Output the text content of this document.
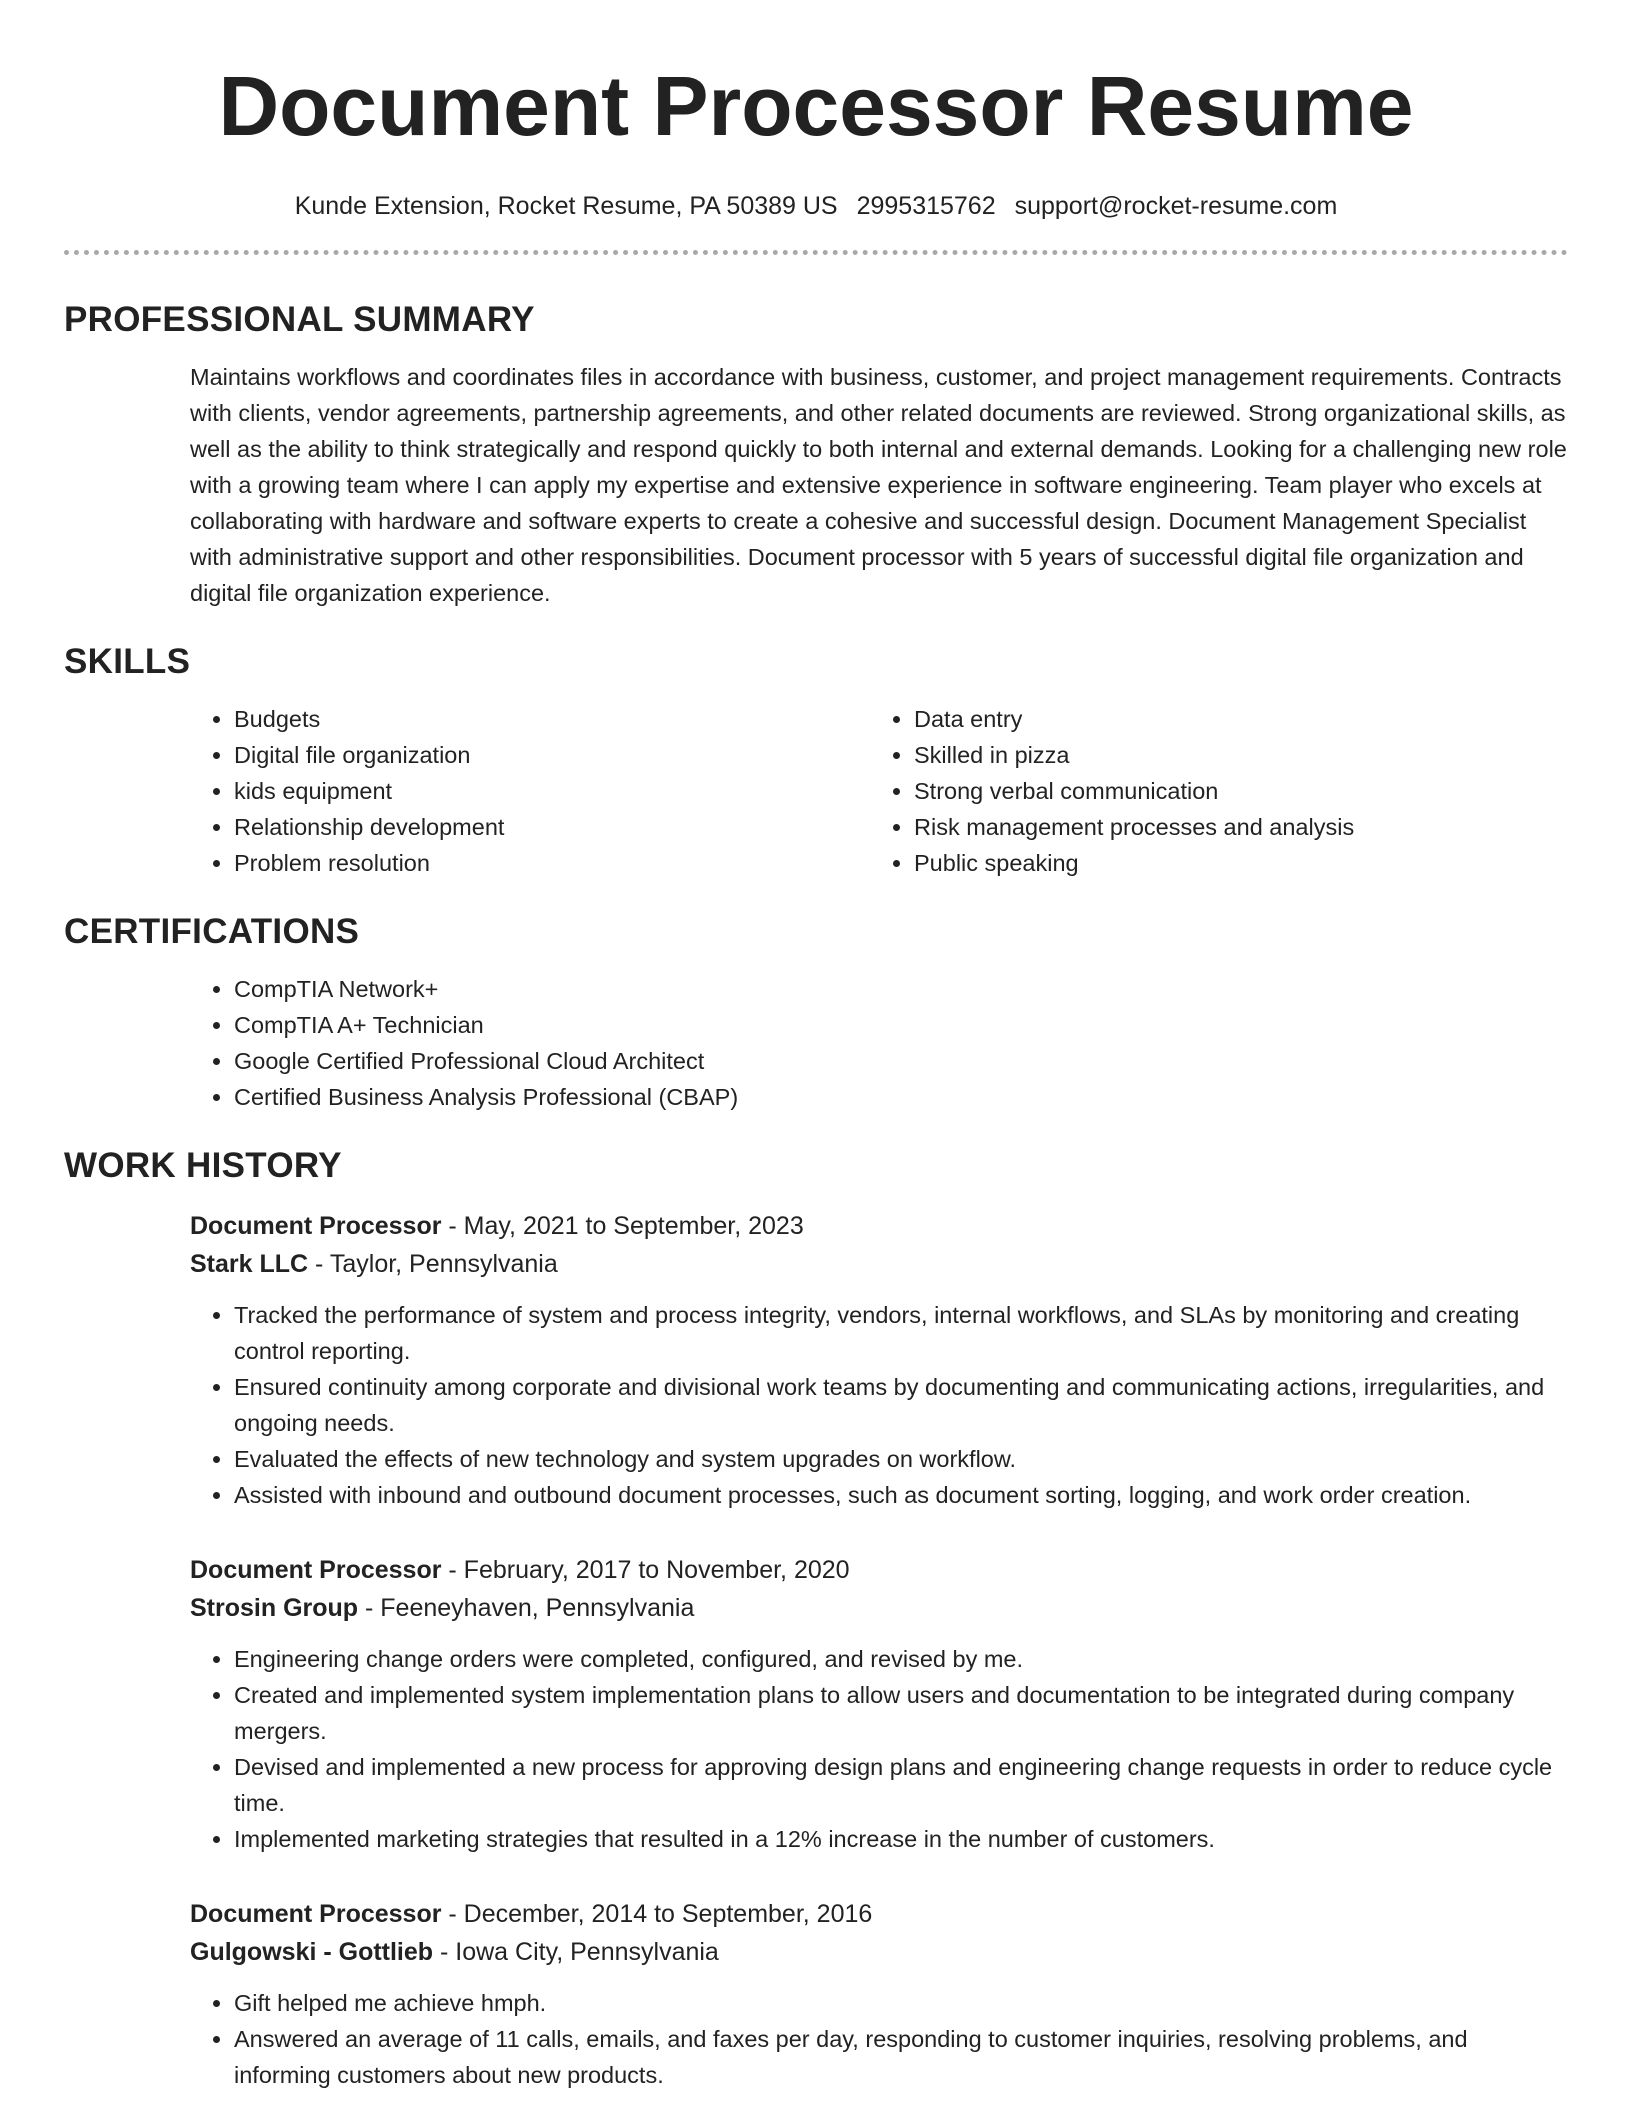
Document Processor Resume
Kunde Extension, Rocket Resume, PA 50389 US 2995315762 support@rocket-resume.com
PROFESSIONAL SUMMARY

Maintains workflows and coordinates files in accordance with business, customer, and project management requirements. Contracts with clients, vendor agreements, partnership agreements, and other related documents are reviewed. Strong organizational skills, as well as the ability to think strategically and respond quickly to both internal and external demands. Looking for a challenging new role with a growing team where I can apply my expertise and extensive experience in software engineering. Team player who excels at collaborating with hardware and software experts to create a cohesive and successful design. Document Management Specialist with administrative support and other responsibilities. Document processor with 5 years of successful digital file organization and digital file organization experience.

SKILLS
• Budgets
• Digital file organization
• kids equipment
• Relationship development
• Problem resolution
• Data entry
• Skilled in pizza
• Strong verbal communication
• Risk management processes and analysis
• Public speaking
CERTIFICATIONS
• CompTIA Network+
• CompTIA A+ Technician
• Google Certified Professional Cloud Architect
• Certified Business Analysis Professional (CBAP)
WORK HISTORY
Document Processor - May, 2021 to September, 2023
Stark LLC - Taylor, Pennsylvania
• Tracked the performance of system and process integrity, vendors, internal workflows, and SLAs by monitoring and creating control reporting.
• Ensured continuity among corporate and divisional work teams by documenting and communicating actions, irregularities, and ongoing needs.
• Evaluated the effects of new technology and system upgrades on workflow.
• Assisted with inbound and outbound document processes, such as document sorting, logging, and work order creation.
Document Processor - February, 2017 to November, 2020
Strosin Group - Feeneyhaven, Pennsylvania
• Engineering change orders were completed, configured, and revised by me.
• Created and implemented system implementation plans to allow users and documentation to be integrated during company mergers.
• Devised and implemented a new process for approving design plans and engineering change requests in order to reduce cycle time.
• Implemented marketing strategies that resulted in a 12% increase in the number of customers.
Document Processor - December, 2014 to September, 2016
Gulgowski - Gottlieb - Iowa City, Pennsylvania
• Gift helped me achieve hmph.
• Answered an average of 11 calls, emails, and faxes per day, responding to customer inquiries, resolving problems, and informing customers about new products.
